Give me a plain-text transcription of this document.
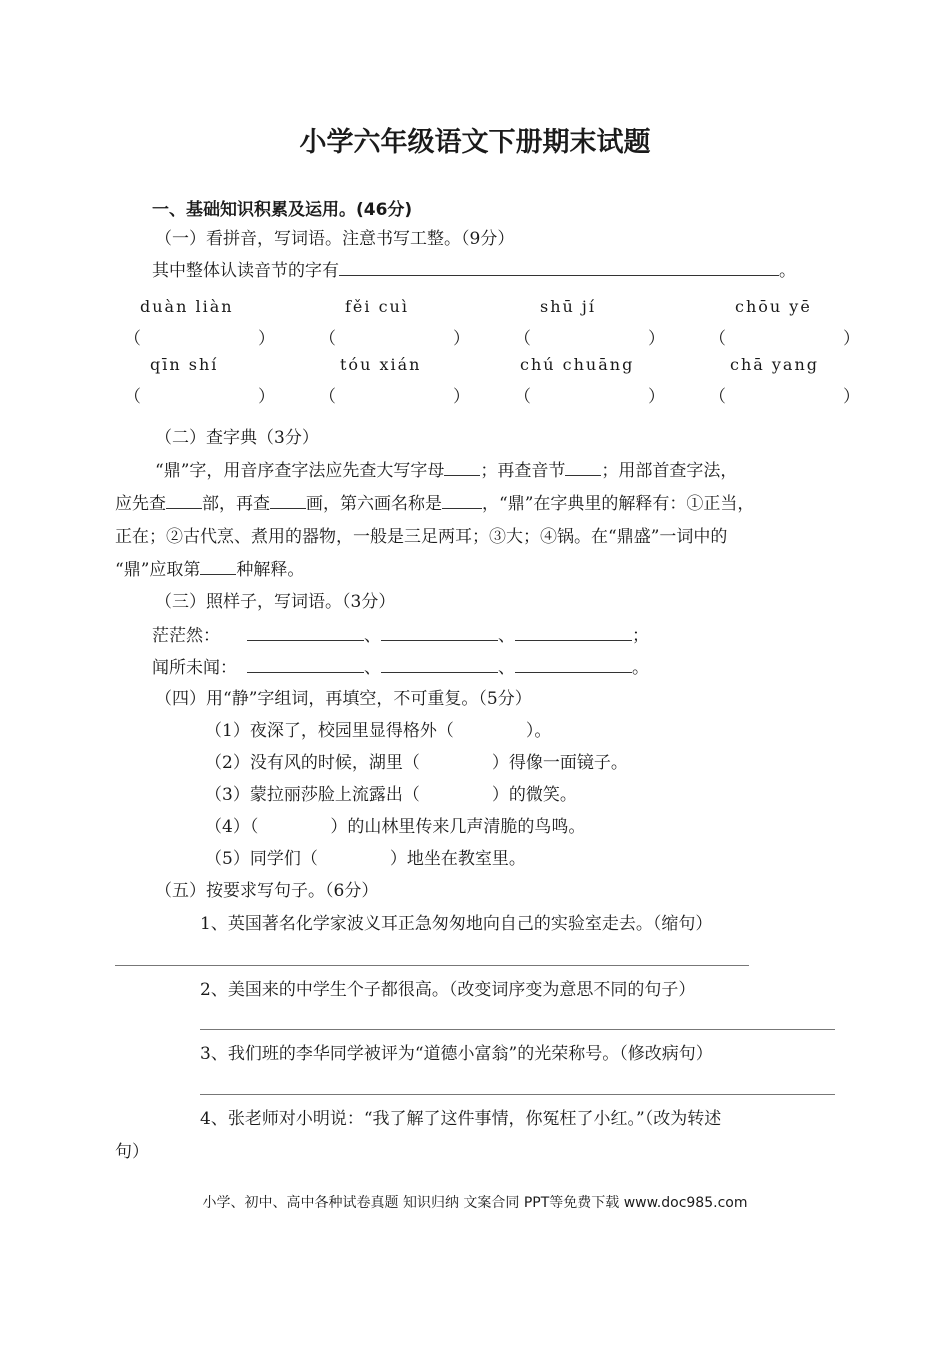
小学六年级语文下册期末试题
一、基础知识积累及运用。(46分)
（一）看拼音，写词语。注意书写工整。（9分）
其中整体认读音节的字有	。
duàn liàn	fěi cuì	shū jí	chōu yē
（	）	（	）	（	）	（	）
qīn shí	tóu xián	chú chuāng	chā yang
（	）	（	）	（	）	（	）
（二）查字典（3分）
“鼎”字，用音序查字法应先查大写字母 ；再查音节 ；用部首查字法，
应先查 部，再查 画，第六画名称是 ，“鼎”在字典里的解释有：①正当，
正在；②古代烹、煮用的器物，一般是三足两耳；③大；④锅。在“鼎盛”一词中的
“鼎”应取第 种解释。
（三）照样子，写词语。（3分）
茫茫然：	、	、	；
闻所未闻：	、	、	。
（四）用“静”字组词，再填空，不可重复。（5分）
（1）夜深了，校园里显得格外（	）。
（2）没有风的时候，湖里（	）得像一面镜子。
（3）蒙拉丽莎脸上流露出（	）的微笑。
（4）（	）的山林里传来几声清脆的鸟鸣。
（5）同学们（	）地坐在教室里。
（五）按要求写句子。（6分）
1、英国著名化学家波义耳正急匆匆地向自己的实验室走去。（缩句）
2、美国来的中学生个子都很高。（改变词序变为意思不同的句子）
3、我们班的李华同学被评为“道德小富翁”的光荣称号。（修改病句）
4、张老师对小明说：“我了解了这件事情，你冤枉了小红。”（改为转述
句）
小学、初中、高中各种试卷真题 知识归纳 文案合同 PPT等免费下载 www.doc985.com
